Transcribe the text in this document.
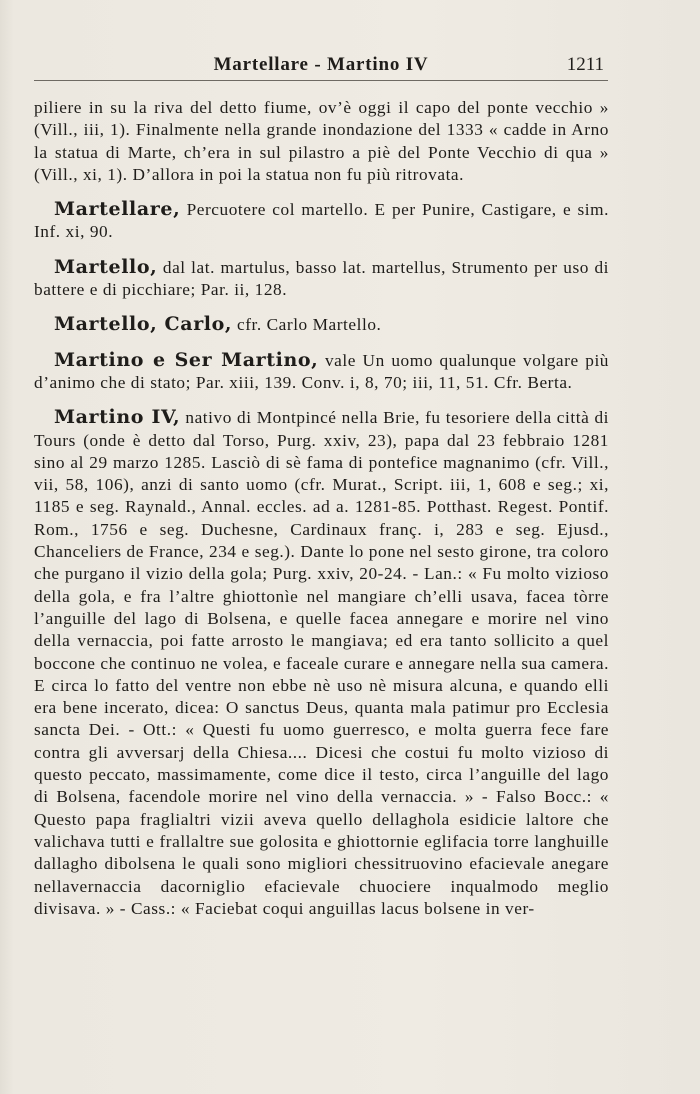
Martellare - Martino IV	1211

piliere in su la riva del detto fiume, ov’è oggi il capo del ponte vecchio » (Vill., iii, 1). Finalmente nella grande inondazione del 1333 « cadde in Arno la statua di Marte, ch’era in sul pilastro a piè del Ponte Vecchio di qua » (Vill., xi, 1). D’allora in poi la statua non fu più ritrovata.

Martellare, Percuotere col martello. E per Punire, Castigare, e sim. Inf. xi, 90.

Martello, dal lat. martulus, basso lat. martellus, Strumento per uso di battere e di picchiare; Par. ii, 128.

Martello, Carlo, cfr. Carlo Martello.

Martino e Ser Martino, vale Un uomo qualunque volgare più d’animo che di stato; Par. xiii, 139. Conv. i, 8, 70; iii, 11, 51. Cfr. Berta.

Martino IV, nativo di Montpincé nella Brie, fu tesoriere della città di Tours (onde è detto dal Torso, Purg. xxiv, 23), papa dal 23 febbraio 1281 sino al 29 marzo 1285. Lasciò di sè fama di pontefice magnanimo (cfr. Vill., vii, 58, 106), anzi di santo uomo (cfr. Murat., Script. iii, 1, 608 e seg.; xi, 1185 e seg. Raynald., Annal. eccles. ad a. 1281-85. Potthast. Regest. Pontif. Rom., 1756 e seg. Duchesne, Cardinaux franç. i, 283 e seg. Ejusd., Chanceliers de France, 234 e seg.). Dante lo pone nel sesto girone, tra coloro che purgano il vizio della gola; Purg. xxiv, 20-24. - Lan.: « Fu molto vizioso della gola, e fra l’altre ghiottonìe nel mangiare ch’elli usava, facea tòrre l’anguille del lago di Bolsena, e quelle facea annegare e morire nel vino della vernaccia, poi fatte arrosto le mangiava; ed era tanto sollicito a quel boccone che continuo ne volea, e faceale curare e annegare nella sua camera. E circa lo fatto del ventre non ebbe nè uso nè misura alcuna, e quando elli era bene incerato, dicea: O sanctus Deus, quanta mala patimur pro Ecclesia sancta Dei. - Ott.: « Questi fu uomo guerresco, e molta guerra fece fare contra gli avversarj della Chiesa.... Dicesi che costui fu molto vizioso di questo peccato, massimamente, come dice il testo, circa l’anguille del lago di Bolsena, facendole morire nel vino della vernaccia. » - Falso Bocc.: « Questo papa fraglialtri vizii aveva quello dellaghola esidicie laltore che valichava tutti e frallaltre sue golosita e ghiottornie eglifacia torre langhuille dallagho dibolsena le quali sono migliori chessitruovino efacievale anegare nellavernaccia dacorniglio efacievale chuociere inqualmodo meglio divisava. » - Cass.: « Faciebat coqui anguillas lacus bolsene in ver-
